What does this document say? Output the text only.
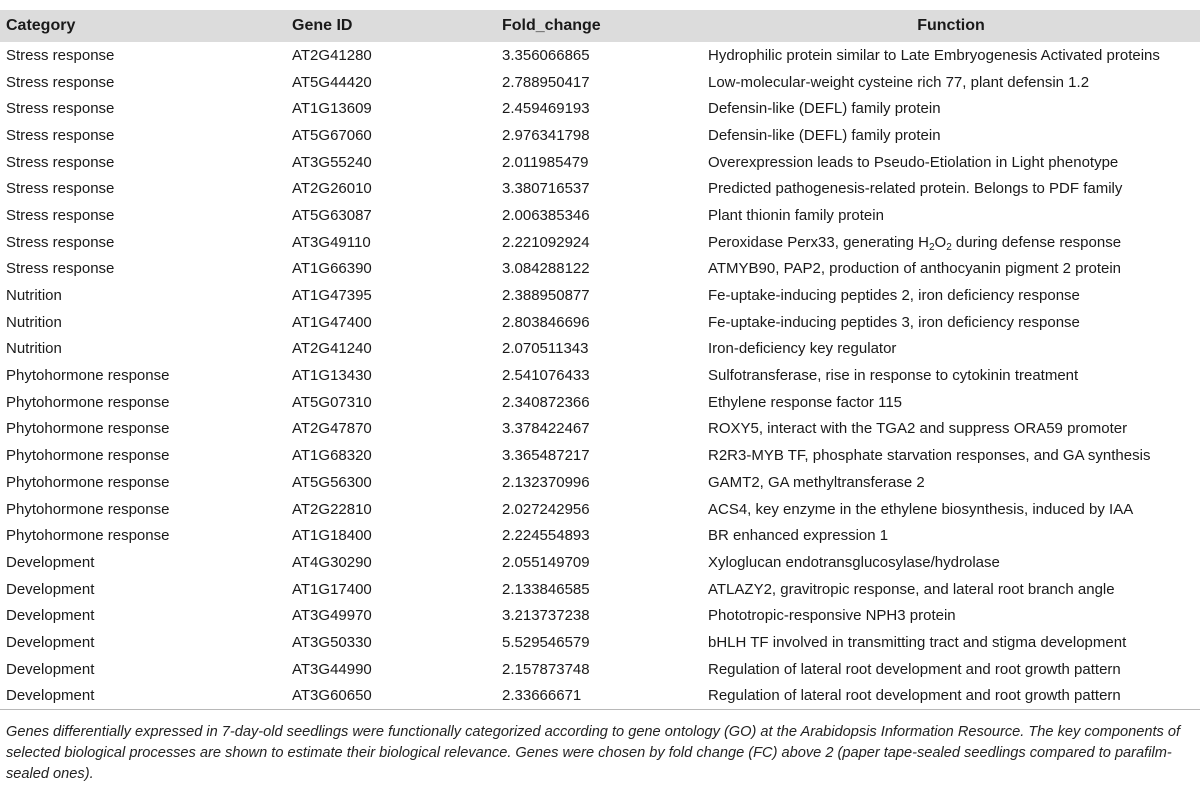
Category	Gene ID	Fold_change	Function
Stress response	AT2G41280	3.356066865	Hydrophilic protein similar to Late Embryogenesis Activated proteins
Stress response	AT5G44420	2.788950417	Low-molecular-weight cysteine rich 77, plant defensin 1.2
Stress response	AT1G13609	2.459469193	Defensin-like (DEFL) family protein
Stress response	AT5G67060	2.976341798	Defensin-like (DEFL) family protein
Stress response	AT3G55240	2.011985479	Overexpression leads to Pseudo-Etiolation in Light phenotype
Stress response	AT2G26010	3.380716537	Predicted pathogenesis-related protein. Belongs to PDF family
Stress response	AT5G63087	2.006385346	Plant thionin family protein
Stress response	AT3G49110	2.221092924	Peroxidase Perx33, generating $H_2O_2$ during defense response
Stress response	AT1G66390	3.084288122	ATMYB90, PAP2, production of anthocyanin pigment 2 protein
Nutrition	AT1G47395	2.388950877	Fe-uptake-inducing peptides 2, iron deficiency response
Nutrition	AT1G47400	2.803846696	Fe-uptake-inducing peptides 3, iron deficiency response
Nutrition	AT2G41240	2.070511343	Iron-deficiency key regulator
Phytohormone response	AT1G13430	2.541076433	Sulfotransferase, rise in response to cytokinin treatment
Phytohormone response	AT5G07310	2.340872366	Ethylene response factor 115
Phytohormone response	AT2G47870	3.378422467	ROXY5, interact with the TGA2 and suppress ORA59 promoter
Phytohormone response	AT1G68320	3.365487217	R2R3-MYB TF, phosphate starvation responses, and GA synthesis
Phytohormone response	AT5G56300	2.132370996	GAMT2, GA methyltransferase 2
Phytohormone response	AT2G22810	2.027242956	ACS4, key enzyme in the ethylene biosynthesis, induced by IAA
Phytohormone response	AT1G18400	2.224554893	BR enhanced expression 1
Development	AT4G30290	2.055149709	Xyloglucan endotransglucosylase/hydrolase
Development	AT1G17400	2.133846585	ATLAZY2, gravitropic response, and lateral root branch angle
Development	AT3G49970	3.213737238	Phototropic-responsive NPH3 protein
Development	AT3G50330	5.529546579	bHLH TF involved in transmitting tract and stigma development
Development	AT3G44990	2.157873748	Regulation of lateral root development and root growth pattern
Development	AT3G60650	2.33666671	Regulation of lateral root development and root growth pattern
Genes differentially expressed in 7-day-old seedlings were functionally categorized according to gene ontology (GO) at the Arabidopsis Information Resource. The key components of selected biological processes are shown to estimate their biological relevance. Genes were chosen by fold change (FC) above 2 (paper tape-sealed seedlings compared to parafilm-sealed ones).
